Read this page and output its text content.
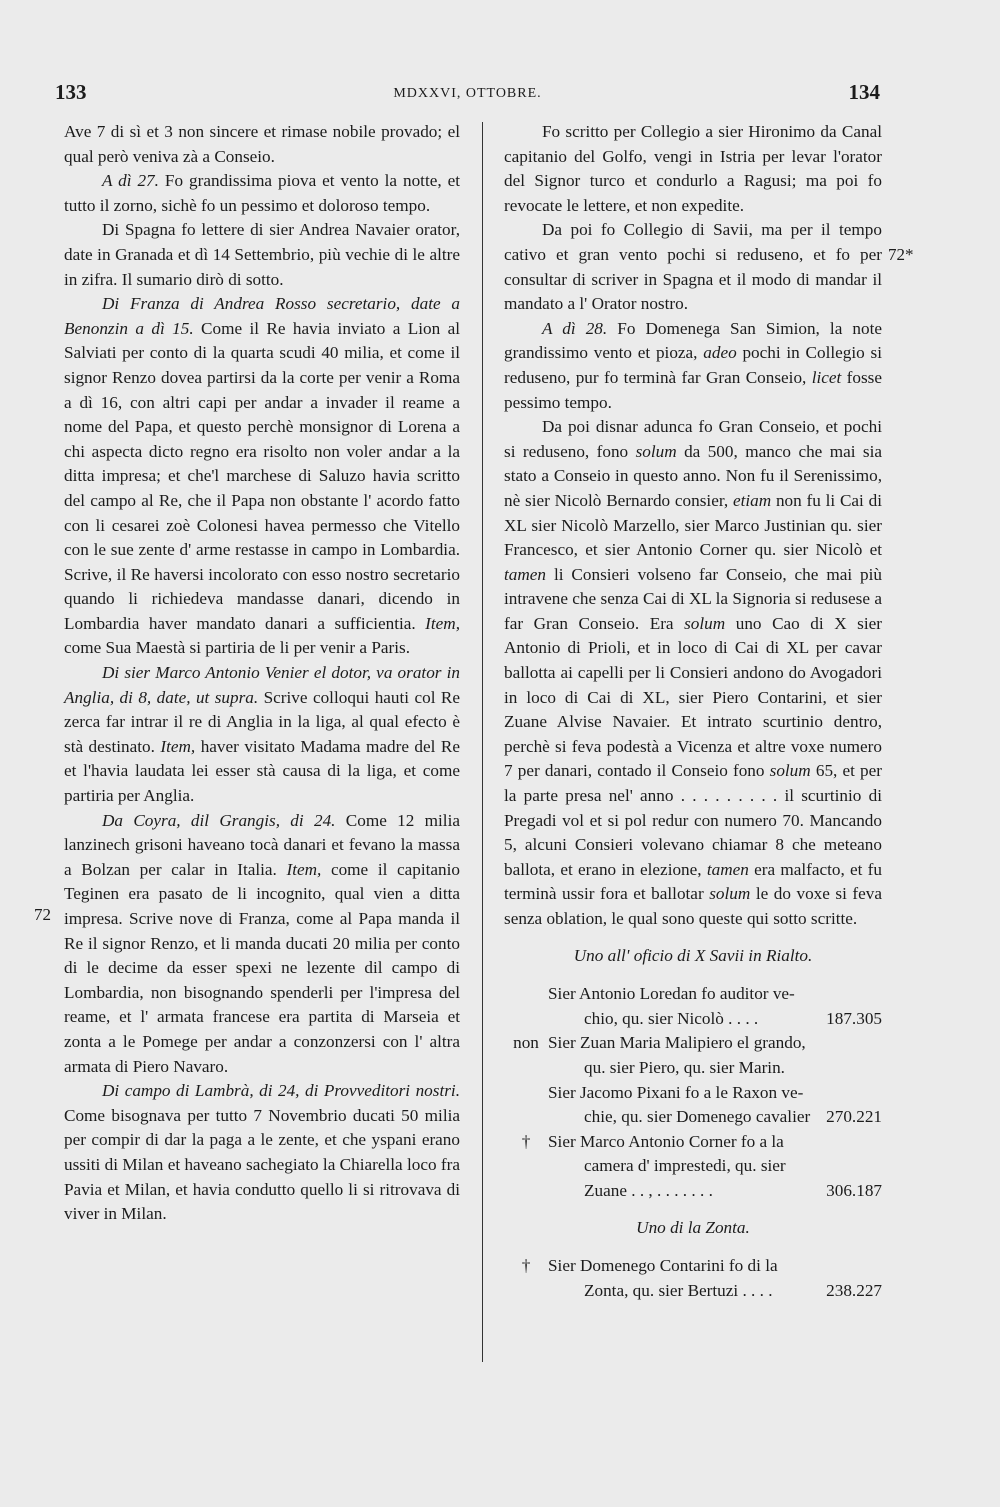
133	MDXXVI, OTTOBRE.	134
72
72*
Ave 7 di sì et 3 non sincere et rimase nobile provado; el qual però veniva zà a Conseio.
A dì 27. Fo grandissima piova et vento la notte, et tutto il zorno, sichè fo un pessimo et doloroso tempo.
Di Spagna fo lettere di sier Andrea Navaier orator, date in Granada et dì 14 Settembrio, più vechie di le altre in zifra. Il sumario dirò di sotto.
Di Franza di Andrea Rosso secretario, date a Benonzin a dì 15. Come il Re havia inviato a Lion al Salviati per conto di la quarta scudi 40 milia, et come il signor Renzo dovea partirsi da la corte per venir a Roma a dì 16, con altri capi per andar a invader il reame a nome del Papa, et questo perchè monsignor di Lorena a chi aspecta dicto regno era risolto non voler andar a la ditta impresa; et che'l marchese di Saluzo havia scritto del campo al Re, che il Papa non obstante l' acordo fatto con li cesarei zoè Colonesi havea permesso che Vitello con le sue zente d' arme restasse in campo in Lombardia. Scrive, il Re haversi incolorato con esso nostro secretario quando li richiedeva mandasse danari, dicendo in Lombardia haver mandato danari a sufficientia. Item, come Sua Maestà si partiria de li per venir a Paris.
Di sier Marco Antonio Venier el dotor, va orator in Anglia, di 8, date, ut supra. Scrive colloqui hauti col Re zerca far intrar il re di Anglia in la liga, al qual efecto è stà destinato. Item, haver visitato Madama madre del Re et l'havia laudata lei esser stà causa di la liga, et come partiria per Anglia.
Da Coyra, dil Grangis, di 24. Come 12 milia lanzinech grisoni haveano tocà danari et fevano la massa a Bolzan per calar in Italia. Item, come il capitanio Teginen era pasato de li incognito, qual vien a ditta impresa. Scrive nove di Franza, come al Papa manda il Re il signor Renzo, et li manda ducati 20 milia per conto di le decime da esser spexi ne lezente dil campo di Lombardia, non bisognando spenderli per l'impresa del reame, et l' armata francese era partita di Marseia et zonta a le Pomege per andar a conzonzersi con l' altra armata di Piero Navaro.
Di campo di Lambrà, di 24, di Provveditori nostri. Come bisognava per tutto 7 Novembrio ducati 50 milia per compir di dar la paga a le zente, et che yspani erano ussiti di Milan et haveano sachegiato la Chiarella loco fra Pavia et Milan, et havia condutto quello li si ritrovava di viver in Milan.
Fo scritto per Collegio a sier Hironimo da Canal capitanio del Golfo, vengi in Istria per levar l'orator del Signor turco et condurlo a Ragusi; ma poi fo revocate le lettere, et non expedite.
Da poi fo Collegio di Savii, ma per il tempo cativo et gran vento pochi si reduseno, et fo per consultar di scriver in Spagna et il modo di mandar il mandato a l' Orator nostro.
A dì 28. Fo Domenega San Simion, la note grandissimo vento et pioza, adeo pochi in Collegio si reduseno, pur fo terminà far Gran Conseio, licet fosse pessimo tempo.
Da poi disnar adunca fo Gran Conseio, et pochi si reduseno, fono solum da 500, manco che mai sia stato a Conseio in questo anno. Non fu il Serenissimo, nè sier Nicolò Bernardo consier, etiam non fu li Cai di XL sier Nicolò Marzello, sier Marco Justinian qu. sier Francesco, et sier Antonio Corner qu. sier Nicolò et tamen li Consieri volseno far Conseio, che mai più intravene che senza Cai di XL la Signoria si redusese a far Gran Conseio. Era solum uno Cao di X sier Antonio di Prioli, et in loco di Cai di XL per cavar ballotta ai capelli per li Consieri andono do Avogadori in loco di Cai di XL, sier Piero Contarini, et sier Zuane Alvise Navaier. Et intrato scurtinio dentro, perchè si feva podestà a Vicenza et altre voxe numero 7 per danari, contado il Conseio fono solum 65, et per la parte presa nel' anno . . . . . . . . . il scurtinio di Pregadi vol et si pol redur con numero 70. Mancando 5, alcuni Consieri volevano chiamar 8 che meteano ballota, et erano in elezione, tamen era malfacto, et fu terminà ussir fora et ballotar solum le do voxe si feva senza oblation, le qual sono queste qui sotto scritte.
Uno all' oficio di X Savii in Rialto.
Sier Antonio Loredan fo auditor ve-
chio, qu. sier Nicolò . . . .	187.305
non Sier Zuan Maria Malipiero el grando,
qu. sier Piero, qu. sier Marin.
Sier Jacomo Pixani fo a le Raxon ve-
chie, qu. sier Domenego cavalier 270.221
†	Sier Marco Antonio Corner fo a la
camera d' imprestedi, qu. sier
Zuane . . , . . . . . . .	306.187
Uno di la Zonta.
†	Sier Domenego Contarini fo di la
Zonta, qu. sier Bertuzi . . . .	238.227
